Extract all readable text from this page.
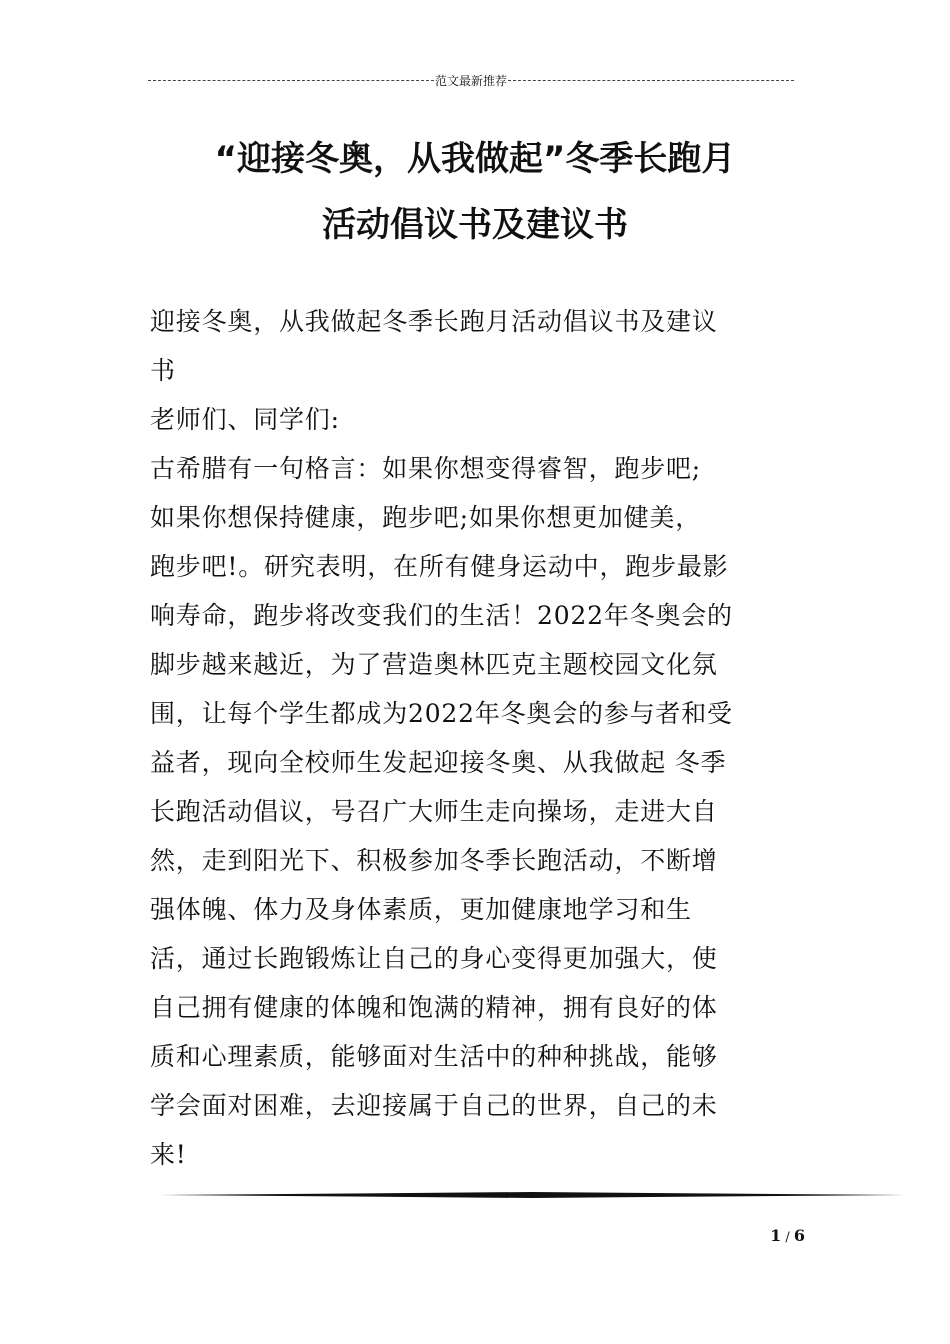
范文最新推荐
“迎接冬奥，从我做起”冬季长跑月
活动倡议书及建议书
迎接冬奥，从我做起冬季长跑月活动倡议书及建议
书
老师们、同学们:
古希腊有一句格言：如果你想变得睿智，跑步吧;
如果你想保持健康，跑步吧;如果你想更加健美，
跑步吧!。研究表明，在所有健身运动中，跑步最影
响寿命，跑步将改变我们的生活！2022年冬奥会的
脚步越来越近，为了营造奥林匹克主题校园文化氛
围，让每个学生都成为2022年冬奥会的参与者和受
益者，现向全校师生发起迎接冬奥、从我做起 冬季
长跑活动倡议，号召广大师生走向操场，走进大自
然，走到阳光下、积极参加冬季长跑活动，不断增
强体魄、体力及身体素质，更加健康地学习和生
活，通过长跑锻炼让自己的身心变得更加强大，使
自己拥有健康的体魄和饱满的精神，拥有良好的体
质和心理素质，能够面对生活中的种种挑战，能够
学会面对困难，去迎接属于自己的世界，自己的未
来!
1 / 6
